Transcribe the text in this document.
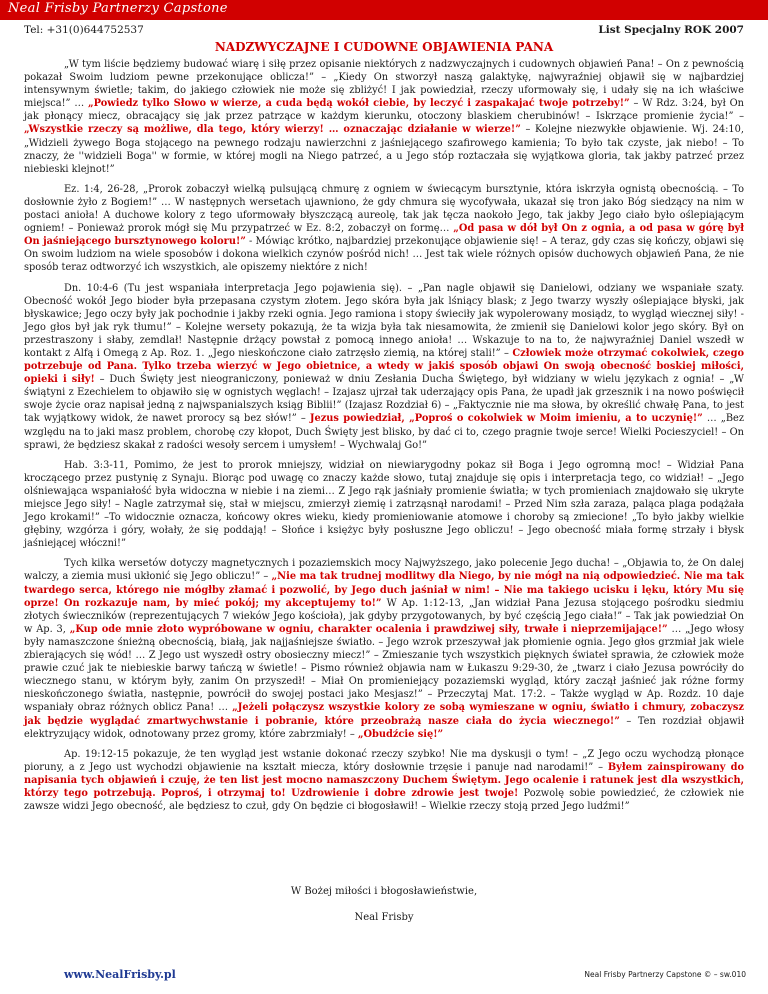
Neal Frisby Partnerzy Capstone
Tel: +31(0)644752537	List Specjalny ROK 2007
NADZWYCZAJNE I CUDOWNE OBJAWIENIA PANA

„W tym liście będziemy budować wiarę i siłę przez opisanie niektórych z nadzwyczajnych i cudownych objawień Pana! – On z pewnością pokazał Swoim ludziom pewne przekonujące oblicza!” – „Kiedy On stworzył naszą galaktykę, najwyraźniej objawił się w najbardziej intensywnym świetle; takim, do jakiego człowiek nie może się zbliżyć! I jak powiedział, rzeczy uformowały się, i udały się na ich właściwe miejsca!” … „Powiedz tylko Słowo w wierze, a cuda będą wokół ciebie, by leczyć i zaspakajać twoje potrzeby!” – W Rdz. 3:24, był On jak płonący miecz, obracający się jak przez patrzące w każdym kierunku, otoczony blaskiem cherubinów! – Iskrzące promienie życia!” – „Wszystkie rzeczy są możliwe, dla tego, który wierzy! … oznaczając działanie w wierze!” – Kolejne niezwykłe objawienie. Wj. 24:10, „Widzieli żywego Boga stojącego na pewnego rodzaju nawierzchni z jaśniejącego szafirowego kamienia; To było tak czyste, jak niebo! – To znaczy, że ''widzieli Boga'' w formie, w której mogli na Niego patrzeć, a u Jego stóp roztaczała się wyjątkowa gloria, tak jakby patrzeć przez niebieski klejnot!”

Ez. 1:4, 26-28, „Prorok zobaczył wielką pulsującą chmurę z ogniem w świecącym bursztynie, która iskrzyła ognistą obecnością. – To dosłownie żyło z Bogiem!” … W następnych wersetach ujawniono, że gdy chmura się wycofywała, ukazał się tron jako Bóg siedzący na nim w postaci anioła! A duchowe kolory z tego uformowały błyszczącą aureolę, tak jak tęcza naokoło Jego, tak jakby Jego ciało było oślepiającym ogniem! – Ponieważ prorok mógł się Mu przypatrzeć w Ez. 8:2, zobaczył on formę… „Od pasa w dół był On z ognia, a od pasa w górę był On jaśniejącego bursztynowego koloru!” - Mówiąc krótko, najbardziej przekonujące objawienie się! – A teraz, gdy czas się kończy, objawi się On swoim ludziom na wiele sposobów i dokona wielkich czynów pośród nich! … Jest tak wiele różnych opisów duchowych objawień Pana, że nie sposób teraz odtworzyć ich wszystkich, ale opiszemy niektóre z nich!

Dn. 10:4-6 (Tu jest wspaniała interpretacja Jego pojawienia się). – „Pan nagle objawił się Danielowi, odziany we wspaniałe szaty. Obecność wokół Jego bioder była przepasana czystym złotem. Jego skóra była jak lśniący blask; z Jego twarzy wyszły oślepiające błyski, jak błyskawice; Jego oczy były jak pochodnie i jakby rzeki ognia. Jego ramiona i stopy świeciły jak wypolerowany mosiądz, to wygląd wiecznej siły! - Jego głos był jak ryk tłumu!” – Kolejne wersety pokazują, że ta wizja była tak niesamowita, że zmienił się Danielowi kolor jego skóry. Był on przestraszony i słaby, zemdlał! Następnie drżący powstał z pomocą innego anioła! … Wskazuje to na to, że najwyraźniej Daniel wszedł w kontakt z Alfą i Omegą z Ap. Roz. 1. „Jego nieskończone ciało zatrzęsło ziemią, na której stali!” – Człowiek może otrzymać cokolwiek, czego potrzebuje od Pana. Tylko trzeba wierzyć w Jego obietnice, a wtedy w jakiś sposób objawi On swoją obecność boskiej miłości, opieki i siły! – Duch Święty jest nieograniczony, ponieważ w dniu Zesłania Ducha Świętego, był widziany w wielu językach z ognia! – „W świątyni z Ezechielem to objawiło się w ognistych węglach! – Izajasz ujrzał tak uderzający opis Pana, że upadł jak grzesznik i na nowo poświęcił swoje życie oraz napisał jedną z najwspanialszych ksiąg Biblii!” (Izajasz Rozdział 6) – „Faktycznie nie ma słowa, by określić chwałę Pana, to jest tak wyjątkowy widok, że nawet prorocy są bez słów!” – Jezus powiedział, „Poproś o cokolwiek w Moim imieniu, a to uczynię!” … „Bez względu na to jaki masz problem, chorobę czy kłopot, Duch Święty jest blisko, by dać ci to, czego pragnie twoje serce! Wielki Pocieszyciel! – On sprawi, że będziesz skakał z radości wesoły sercem i umysłem! – Wychwalaj Go!”

Hab. 3:3-11, Pomimo, że jest to prorok mniejszy, widział on niewiarygodny pokaz sił Boga i Jego ogromną moc! – Widział Pana kroczącego przez pustynię z Synaju. Biorąc pod uwagę co znaczy każde słowo, tutaj znajduje się opis i interpretacja tego, co widział! – „Jego olśniewająca wspaniałość była widoczna w niebie i na ziemi… Z Jego rąk jaśniały promienie światła; w tych promieniach znajdowało się ukryte miejsce Jego siły! – Nagle zatrzymał się, stał w miejscu, zmierzył ziemię i zatrząsnął narodami! – Przed Nim szła zaraza, paląca plaga podążała Jego krokami!” –To widocznie oznacza, końcowy okres wieku, kiedy promieniowanie atomowe i choroby są zmiecione! „To było jakby wielkie głębiny, wzgórza i góry, wołały, że się poddają! – Słońce i księżyc były posłuszne Jego obliczu! – Jego obecność miała formę strzały i błysk jaśniejącej włóczni!”

Tych kilka wersetów dotyczy magnetycznych i pozaziemskich mocy Najwyższego, jako polecenie Jego ducha! – „Objawia to, że On dalej walczy, a ziemia musi ukłonić się Jego obliczu!” – „Nie ma tak trudnej modlitwy dla Niego, by nie mógł na nią odpowiedzieć. Nie ma tak twardego serca, którego nie mógłby złamać i pozwolić, by Jego duch jaśniał w nim! – Nie ma takiego ucisku i lęku, który Mu się oprze! On rozkazuje nam, by mieć pokój; my akceptujemy to!” W Ap. 1:12-13, „Jan widział Pana Jezusa stojącego pośrodku siedmiu złotych świeczników (reprezentujących 7 wieków Jego kościoła), jak gdyby przygotowanych, by być częścią Jego ciała!” – Tak jak powiedział On w Ap. 3, „Kup ode mnie złoto wypróbowane w ogniu, charakter ocalenia i prawdziwej siły, trwałe i nieprzemijające!” … „Jego włosy były namaszczone śnieżną obecnością, białą, jak najjaśniejsze światło. – Jego wzrok przeszywał jak płomienie ognia. Jego głos grzmiał jak wiele zbierających się wód! … Z Jego ust wyszedł ostry obosieczny miecz!” – Zmieszanie tych wszystkich pięknych świateł sprawia, że człowiek może prawie czuć jak te niebieskie barwy tańczą w świetle! – Pismo również objawia nam w Łukaszu 9:29-30, że „twarz i ciało Jezusa powróciły do wiecznego stanu, w którym były, zanim On przyszedł! – Miał On promieniejący pozaziemski wygląd, który zaczął jaśnieć jak różne formy nieskończonego światła, następnie, powrócił do swojej postaci jako Mesjasz!” – Przeczytaj Mat. 17:2. – Także wygląd w Ap. Rozdz. 10 daje wspaniały obraz różnych oblicz Pana! … „Jeżeli połączysz wszystkie kolory ze sobą wymieszane w ogniu, światło i chmury, zobaczysz jak będzie wyglądać zmartwychwstanie i pobranie, które przeobrażą nasze ciała do życia wiecznego!” – Ten rozdział objawił elektryzujący widok, odnotowany przez gromy, które zabrzmiały! – „Obudźcie się!”

Ap. 19:12-15 pokazuje, że ten wygląd jest wstanie dokonać rzeczy szybko! Nie ma dyskusji o tym! – „Z Jego oczu wychodzą płonące pioruny, a z Jego ust wychodzi objawienie na kształt miecza, który dosłownie trzęsie i panuje nad narodami!” – Byłem zainspirowany do napisania tych objawień i czuję, że ten list jest mocno namaszczony Duchem Świętym. Jego ocalenie i ratunek jest dla wszystkich, którzy tego potrzebują. Poproś, i otrzymaj to! Uzdrowienie i dobre zdrowie jest twoje! Pozwolę sobie powiedzieć, że człowiek nie zawsze widzi Jego obecność, ale będziesz to czuł, gdy On będzie ci błogosławił! – Wielkie rzeczy stoją przed Jego ludźmi!”

W Bożej miłości i błogosławieństwie,
Neal Frisby
www.NealFrisby.pl	Neal Frisby Partnerzy Capstone © – sw.010
